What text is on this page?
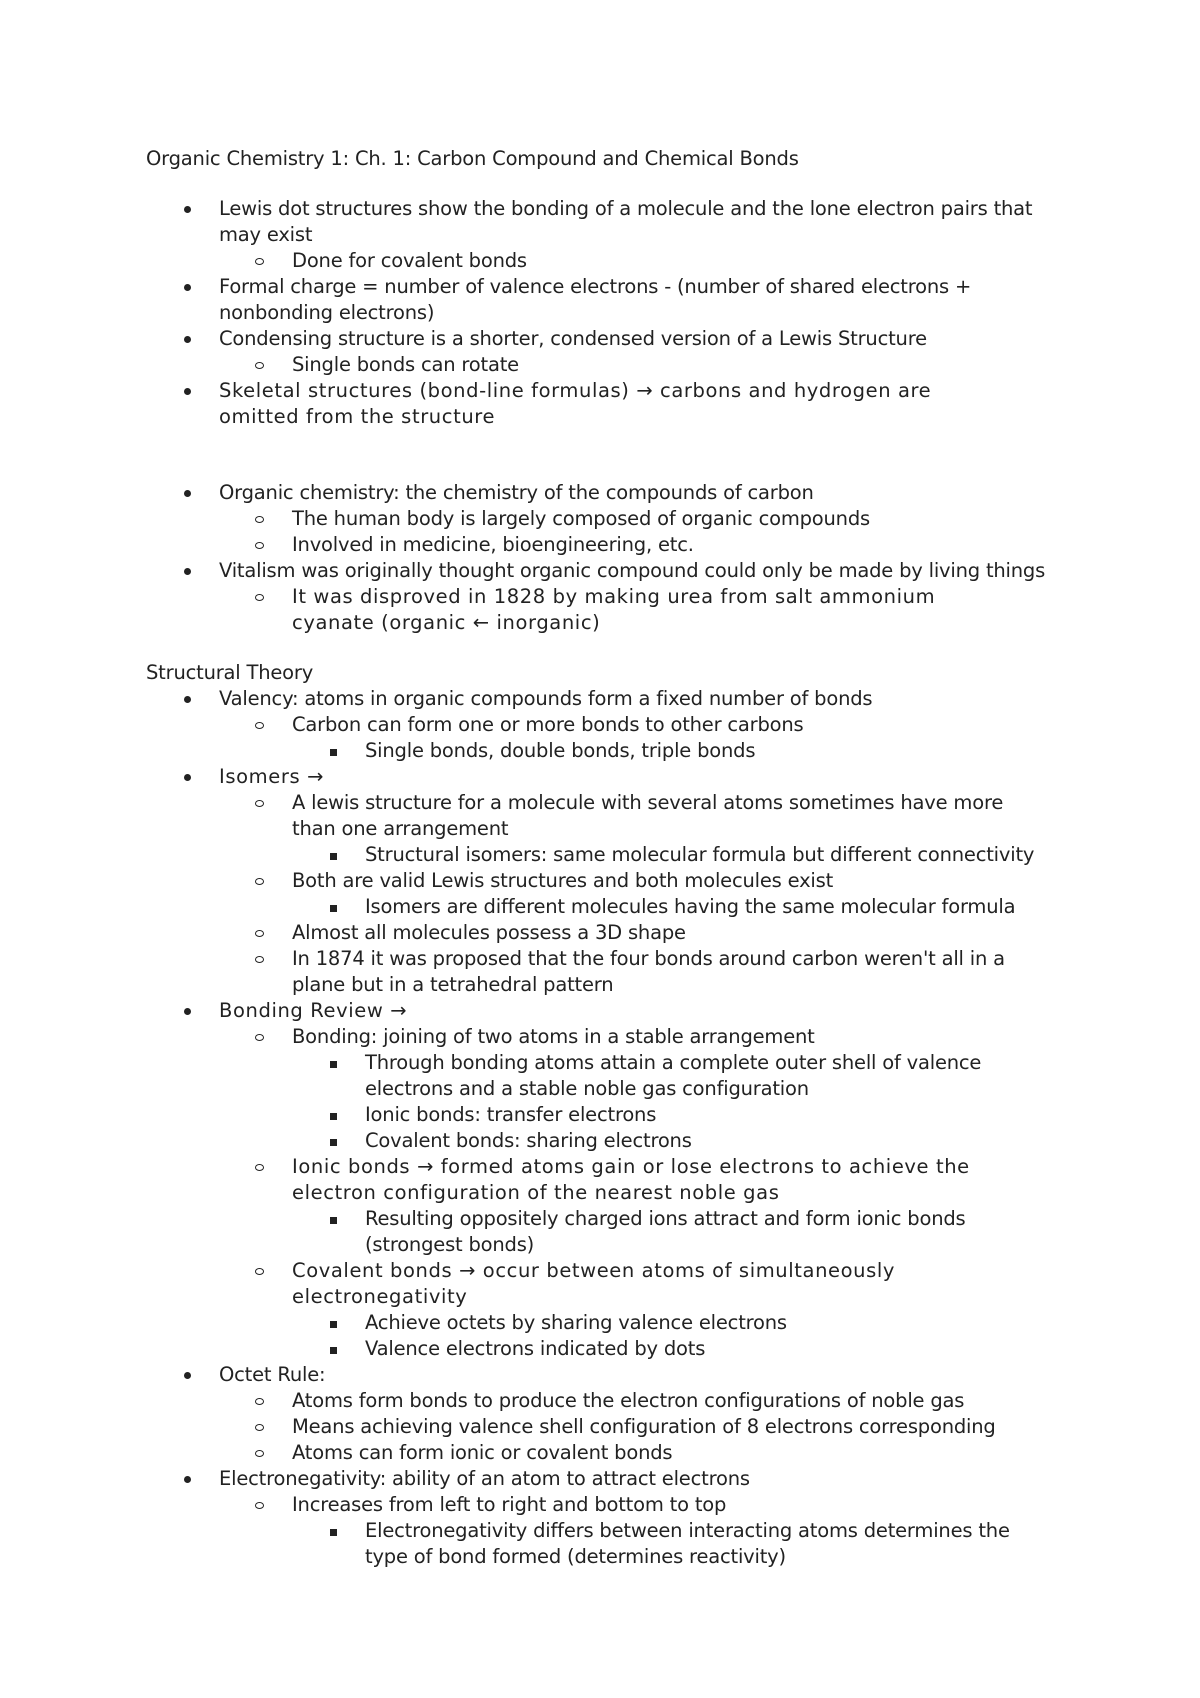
Organic Chemistry 1: Ch. 1: Carbon Compound and Chemical Bonds
Lewis dot structures show the bonding of a molecule and the lone electron pairs that may exist
Done for covalent bonds
Formal charge = number of valence electrons - (number of shared electrons + nonbonding electrons)
Condensing structure is a shorter, condensed version of a Lewis Structure
Single bonds can rotate
Skeletal structures (bond-line formulas) → carbons and hydrogen are omitted from the structure
Organic chemistry: the chemistry of the compounds of carbon
The human body is largely composed of organic compounds
Involved in medicine, bioengineering, etc.
Vitalism was originally thought organic compound could only be made by living things
It was disproved in 1828 by making urea from salt ammonium cyanate (organic ← inorganic)
Structural Theory
Valency: atoms in organic compounds form a fixed number of bonds
Carbon can form one or more bonds to other carbons
Single bonds, double bonds, triple bonds
Isomers →
A lewis structure for a molecule with several atoms sometimes have more than one arrangement
Structural isomers: same molecular formula but different connectivity
Both are valid Lewis structures and both molecules exist
Isomers are different molecules having the same molecular formula
Almost all molecules possess a 3D shape
In 1874 it was proposed that the four bonds around carbon weren't all in a plane but in a tetrahedral pattern
Bonding Review →
Bonding: joining of two atoms in a stable arrangement
Through bonding atoms attain a complete outer shell of valence electrons and a stable noble gas configuration
Ionic bonds: transfer electrons
Covalent bonds: sharing electrons
Ionic bonds → formed atoms gain or lose electrons to achieve the electron configuration of the nearest noble gas
Resulting oppositely charged ions attract and form ionic bonds (strongest bonds)
Covalent bonds → occur between atoms of simultaneously electronegativity
Achieve octets by sharing valence electrons
Valence electrons indicated by dots
Octet Rule:
Atoms form bonds to produce the electron configurations of noble gas
Means achieving valence shell configuration of 8 electrons corresponding
Atoms can form ionic or covalent bonds
Electronegativity: ability of an atom to attract electrons
Increases from left to right and bottom to top
Electronegativity differs between interacting atoms determines the type of bond formed (determines reactivity)
